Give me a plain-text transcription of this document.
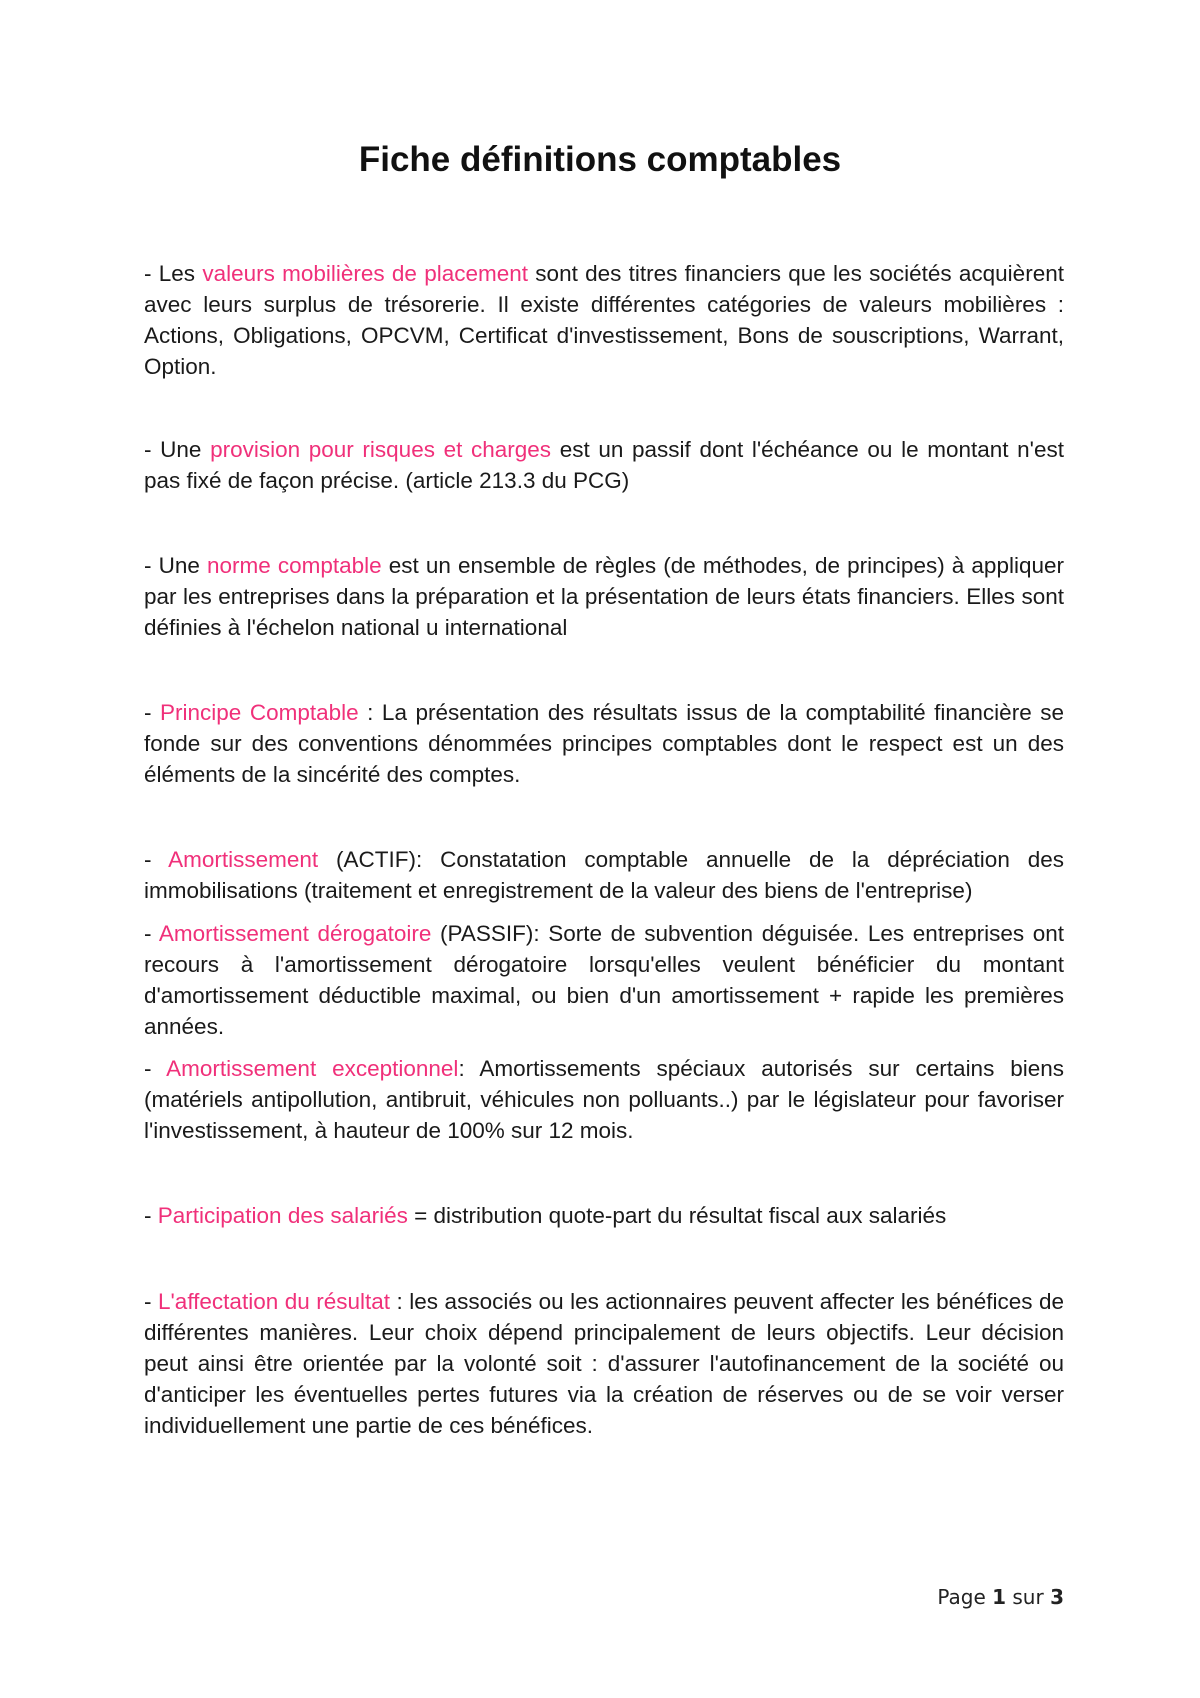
Fiche définitions comptables

- Les valeurs mobilières de placement sont des titres financiers que les sociétés acquièrent avec leurs surplus de trésorerie. Il existe différentes catégories de valeurs mobilières : Actions, Obligations, OPCVM, Certificat d'investissement, Bons de souscriptions, Warrant, Option.

- Une provision pour risques et charges est un passif dont l'échéance ou le montant n'est pas fixé de façon précise. (article 213.3 du PCG)

- Une norme comptable est un ensemble de règles (de méthodes, de principes) à appliquer par les entreprises dans la préparation et la présentation de leurs états financiers. Elles sont définies à l'échelon national u international

- Principe Comptable : La présentation des résultats issus de la comptabilité financière se fonde sur des conventions dénommées principes comptables dont le respect est un des éléments de la sincérité des comptes.

- Amortissement (ACTIF): Constatation comptable annuelle de la dépréciation des immobilisations (traitement et enregistrement de la valeur des biens de l'entreprise)

- Amortissement dérogatoire (PASSIF): Sorte de subvention déguisée. Les entreprises ont recours à l'amortissement dérogatoire lorsqu'elles veulent bénéficier du montant d'amortissement déductible maximal, ou bien d'un amortissement + rapide les premières années.

- Amortissement exceptionnel: Amortissements spéciaux autorisés sur certains biens (matériels antipollution, antibruit, véhicules non polluants..) par le législateur pour favoriser l'investissement, à hauteur de 100% sur 12 mois.

- Participation des salariés = distribution quote-part du résultat fiscal aux salariés

- L'affectation du résultat : les associés ou les actionnaires peuvent affecter les bénéfices de différentes manières. Leur choix dépend principalement de leurs objectifs. Leur décision peut ainsi être orientée par la volonté soit : d'assurer l'autofinancement de la société ou d'anticiper les éventuelles pertes futures via la création de réserves ou de se voir verser individuellement une partie de ces bénéfices.

Page 1 sur 3
